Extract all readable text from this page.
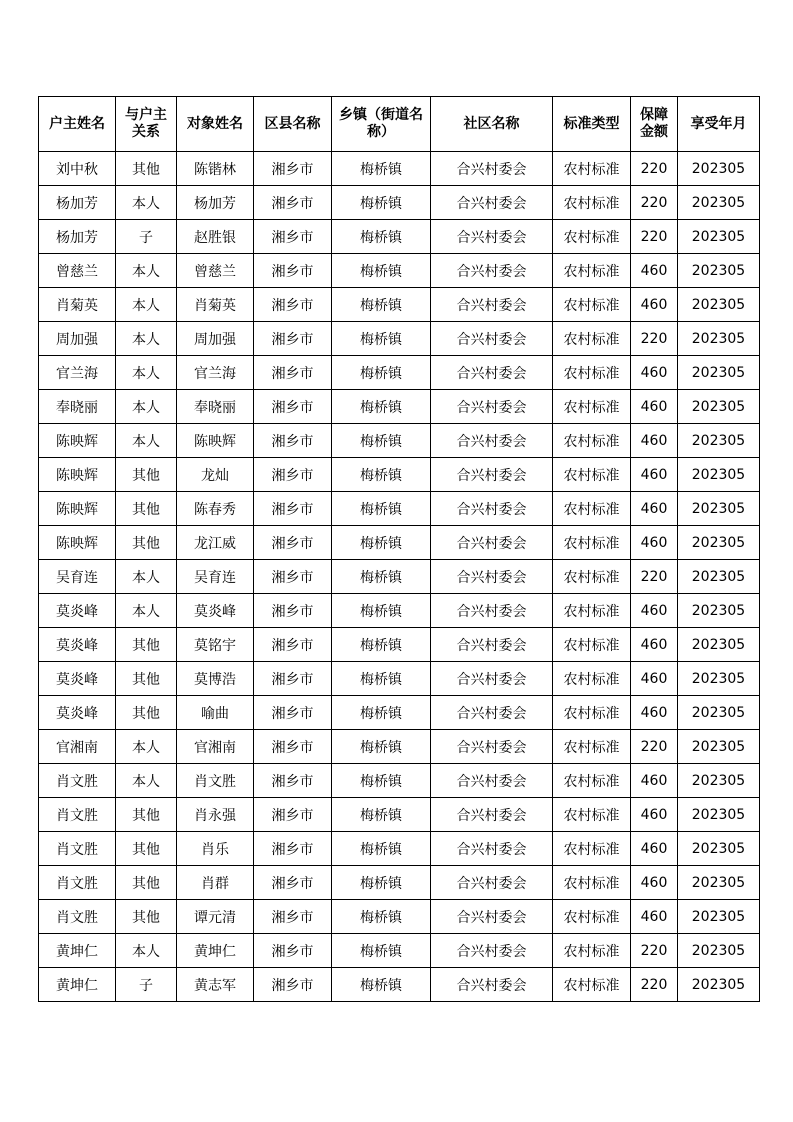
户主姓名	与户主关系	对象姓名	区县名称	乡镇（街道名称）	社区名称	标准类型	保障金额	享受年月
刘中秋	其他	陈锴林	湘乡市	梅桥镇	合兴村委会	农村标准	220	202305
杨加芳	本人	杨加芳	湘乡市	梅桥镇	合兴村委会	农村标准	220	202305
杨加芳	子	赵胜银	湘乡市	梅桥镇	合兴村委会	农村标准	220	202305
曾慈兰	本人	曾慈兰	湘乡市	梅桥镇	合兴村委会	农村标准	460	202305
肖菊英	本人	肖菊英	湘乡市	梅桥镇	合兴村委会	农村标准	460	202305
周加强	本人	周加强	湘乡市	梅桥镇	合兴村委会	农村标准	220	202305
官兰海	本人	官兰海	湘乡市	梅桥镇	合兴村委会	农村标准	460	202305
奉晓丽	本人	奉晓丽	湘乡市	梅桥镇	合兴村委会	农村标准	460	202305
陈映辉	本人	陈映辉	湘乡市	梅桥镇	合兴村委会	农村标准	460	202305
陈映辉	其他	龙灿	湘乡市	梅桥镇	合兴村委会	农村标准	460	202305
陈映辉	其他	陈春秀	湘乡市	梅桥镇	合兴村委会	农村标准	460	202305
陈映辉	其他	龙江威	湘乡市	梅桥镇	合兴村委会	农村标准	460	202305
吴育连	本人	吴育连	湘乡市	梅桥镇	合兴村委会	农村标准	220	202305
莫炎峰	本人	莫炎峰	湘乡市	梅桥镇	合兴村委会	农村标准	460	202305
莫炎峰	其他	莫铭宇	湘乡市	梅桥镇	合兴村委会	农村标准	460	202305
莫炎峰	其他	莫博浩	湘乡市	梅桥镇	合兴村委会	农村标准	460	202305
莫炎峰	其他	喻曲	湘乡市	梅桥镇	合兴村委会	农村标准	460	202305
官湘南	本人	官湘南	湘乡市	梅桥镇	合兴村委会	农村标准	220	202305
肖文胜	本人	肖文胜	湘乡市	梅桥镇	合兴村委会	农村标准	460	202305
肖文胜	其他	肖永强	湘乡市	梅桥镇	合兴村委会	农村标准	460	202305
肖文胜	其他	肖乐	湘乡市	梅桥镇	合兴村委会	农村标准	460	202305
肖文胜	其他	肖群	湘乡市	梅桥镇	合兴村委会	农村标准	460	202305
肖文胜	其他	谭元清	湘乡市	梅桥镇	合兴村委会	农村标准	460	202305
黄坤仁	本人	黄坤仁	湘乡市	梅桥镇	合兴村委会	农村标准	220	202305
黄坤仁	子	黄志军	湘乡市	梅桥镇	合兴村委会	农村标准	220	202305
